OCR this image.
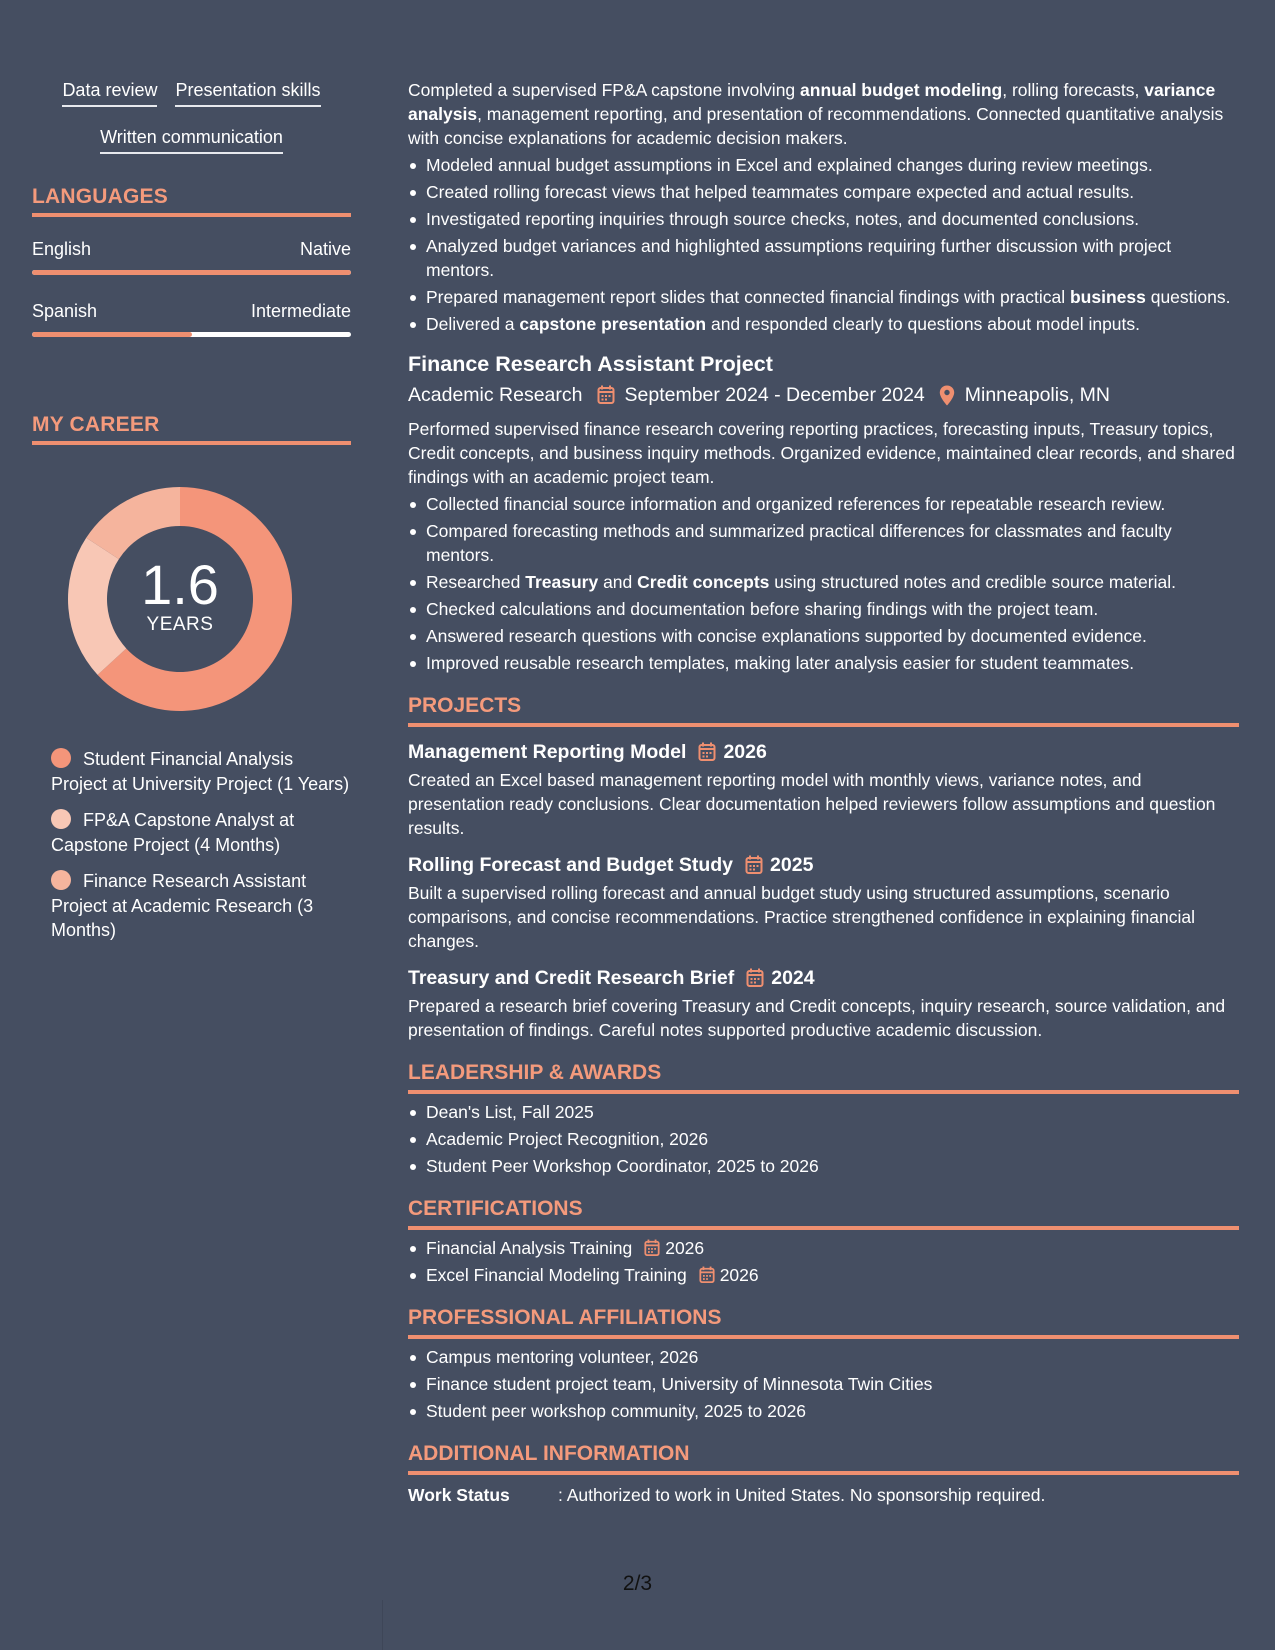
Data review Presentation skills
Written communication
LANGUAGES
English	Native
Spanish	Intermediate
MY CAREER
1.6
YEARS
Student Financial Analysis Project at University Project (1 Years)
FP&A Capstone Analyst at Capstone Project (4 Months)
Finance Research Assistant Project at Academic Research (3 Months)

Completed a supervised FP&A capstone involving annual budget modeling, rolling forecasts, variance analysis, management reporting, and presentation of recommendations. Connected quantitative analysis with concise explanations for academic decision makers.

Modeled annual budget assumptions in Excel and explained changes during review meetings.
Created rolling forecast views that helped teammates compare expected and actual results.
Investigated reporting inquiries through source checks, notes, and documented conclusions.
Analyzed budget variances and highlighted assumptions requiring further discussion with project mentors.
Prepared management report slides that connected financial findings with practical business questions.
Delivered a capstone presentation and responded clearly to questions about model inputs.
Finance Research Assistant Project
Academic Research September 2024 - December 2024 Minneapolis, MN

Performed supervised finance research covering reporting practices, forecasting inputs, Treasury topics, Credit concepts, and business inquiry methods. Organized evidence, maintained clear records, and shared findings with an academic project team.

Collected financial source information and organized references for repeatable research review.
Compared forecasting methods and summarized practical differences for classmates and faculty mentors.
Researched Treasury and Credit concepts using structured notes and credible source material.
Checked calculations and documentation before sharing findings with the project team.
Answered research questions with concise explanations supported by documented evidence.
Improved reusable research templates, making later analysis easier for student teammates.
PROJECTS
Management Reporting Model 2026

Created an Excel based management reporting model with monthly views, variance notes, and presentation ready conclusions. Clear documentation helped reviewers follow assumptions and question results.

Rolling Forecast and Budget Study 2025

Built a supervised rolling forecast and annual budget study using structured assumptions, scenario comparisons, and concise recommendations. Practice strengthened confidence in explaining financial changes.

Treasury and Credit Research Brief 2024

Prepared a research brief covering Treasury and Credit concepts, inquiry research, source validation, and presentation of findings. Careful notes supported productive academic discussion.

LEADERSHIP & AWARDS
Dean's List, Fall 2025
Academic Project Recognition, 2026
Student Peer Workshop Coordinator, 2025 to 2026
CERTIFICATIONS
Financial Analysis Training 2026
Excel Financial Modeling Training 2026
PROFESSIONAL AFFILIATIONS
Campus mentoring volunteer, 2026
Finance student project team, University of Minnesota Twin Cities
Student peer workshop community, 2025 to 2026
ADDITIONAL INFORMATION
Work Status	: Authorized to work in United States. No sponsorship required.
2/3
